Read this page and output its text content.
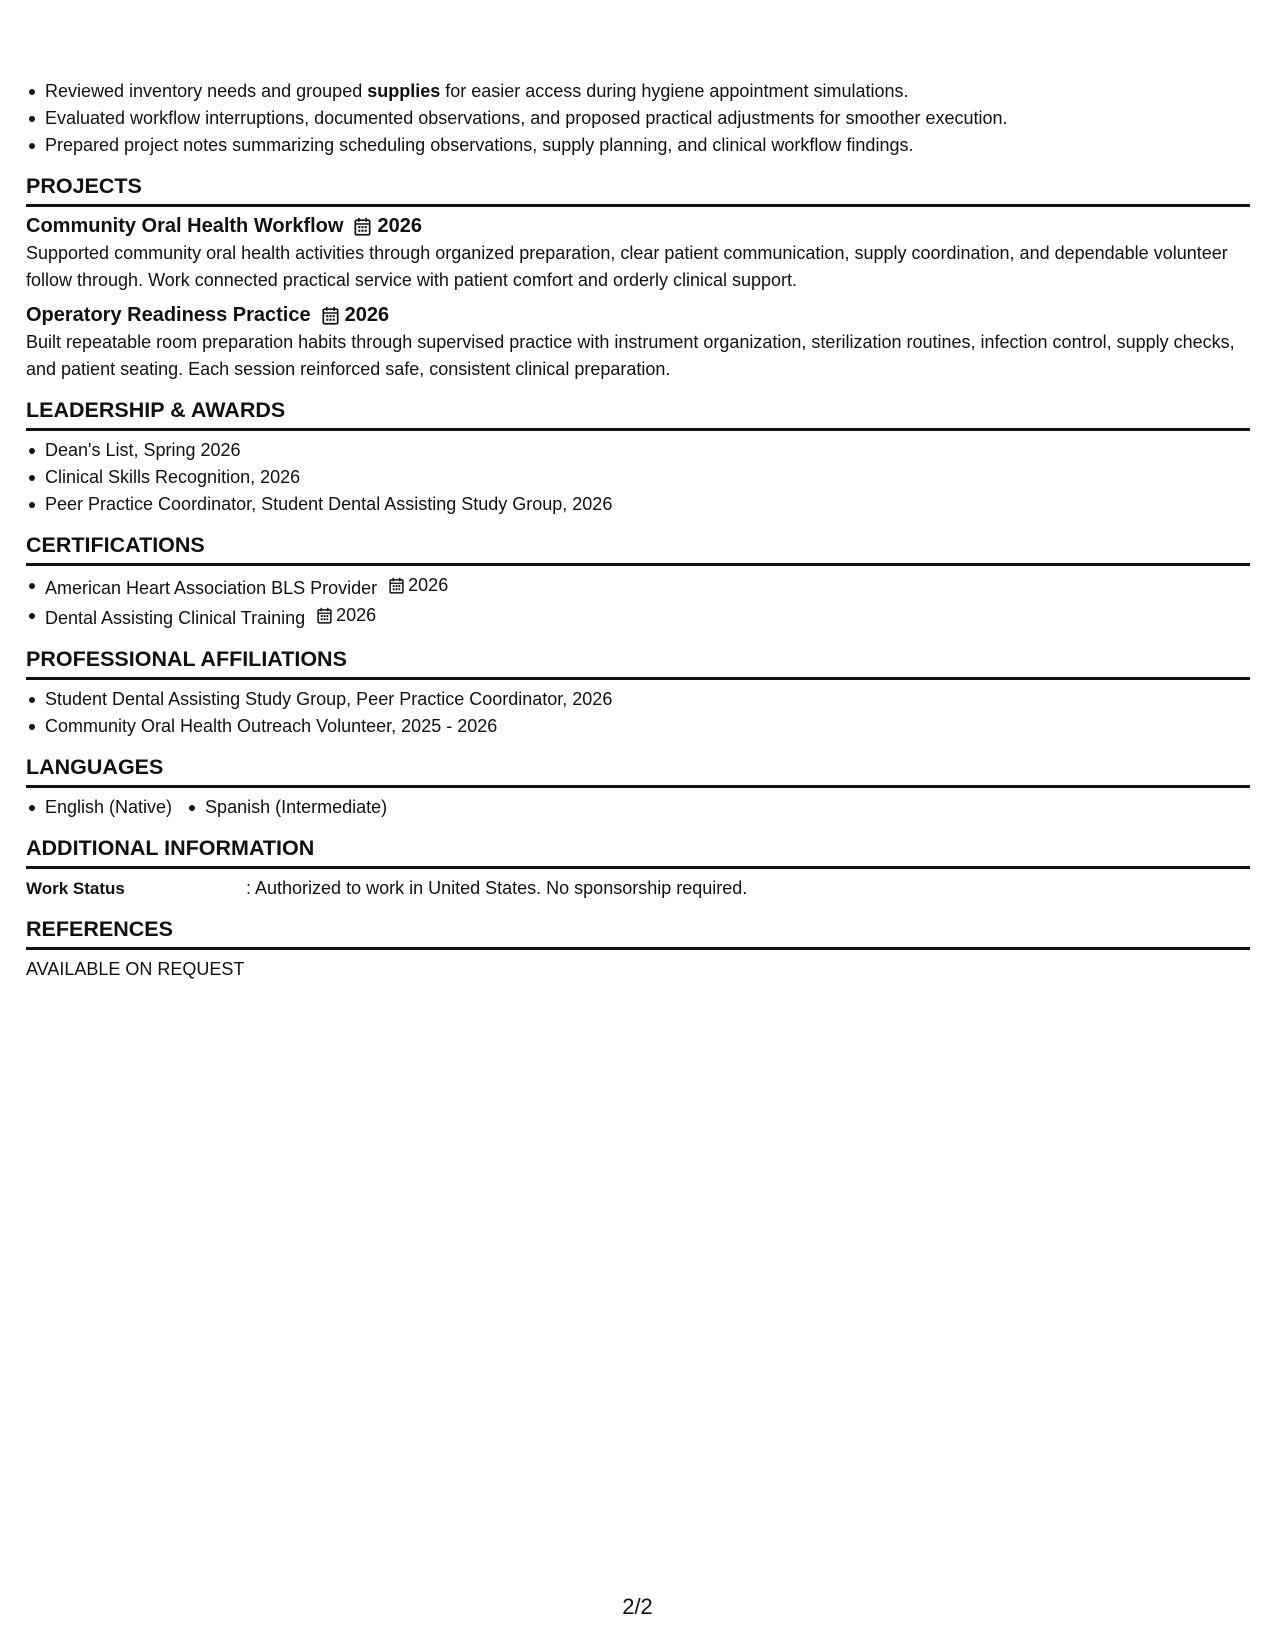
Reviewed inventory needs and grouped supplies for easier access during hygiene appointment simulations.
Evaluated workflow interruptions, documented observations, and proposed practical adjustments for smoother execution.
Prepared project notes summarizing scheduling observations, supply planning, and clinical workflow findings.
PROJECTS
Community Oral Health Workflow 2026
Supported community oral health activities through organized preparation, clear patient communication, supply coordination, and dependable volunteer follow through. Work connected practical service with patient comfort and orderly clinical support.
Operatory Readiness Practice 2026
Built repeatable room preparation habits through supervised practice with instrument organization, sterilization routines, infection control, supply checks, and patient seating. Each session reinforced safe, consistent clinical preparation.
LEADERSHIP & AWARDS
Dean's List, Spring 2026
Clinical Skills Recognition, 2026
Peer Practice Coordinator, Student Dental Assisting Study Group, 2026
CERTIFICATIONS
American Heart Association BLS Provider 2026
Dental Assisting Clinical Training 2026
PROFESSIONAL AFFILIATIONS
Student Dental Assisting Study Group, Peer Practice Coordinator, 2026
Community Oral Health Outreach Volunteer, 2025 - 2026
LANGUAGES
English (Native) Spanish (Intermediate)
ADDITIONAL INFORMATION
Work Status	: Authorized to work in United States. No sponsorship required.
REFERENCES
AVAILABLE ON REQUEST
2/2
